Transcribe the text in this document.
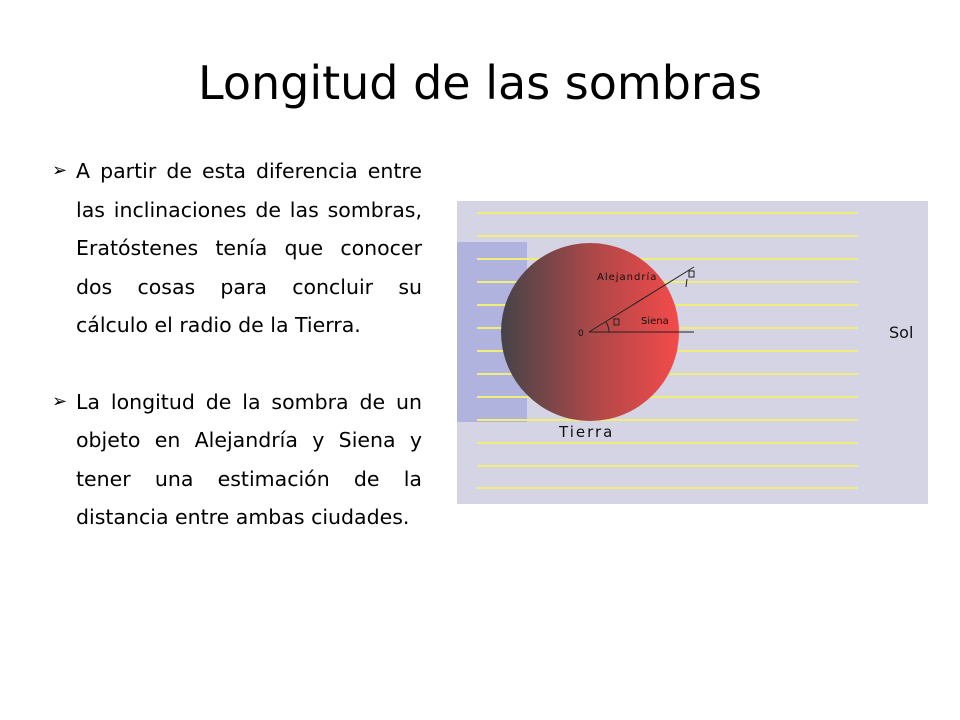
Longitud de las sombras
➢ A partir de esta diferencia entre las inclinaciones de las sombras, Eratóstenes tenía que conocer dos cosas para concluir su cálculo el radio de la Tierra.
➢ La longitud de la sombra de un objeto en Alejandría y Siena y tener una estimación de la distancia entre ambas ciudades.
Alejandría
Siena
0
Tierra
Sol
